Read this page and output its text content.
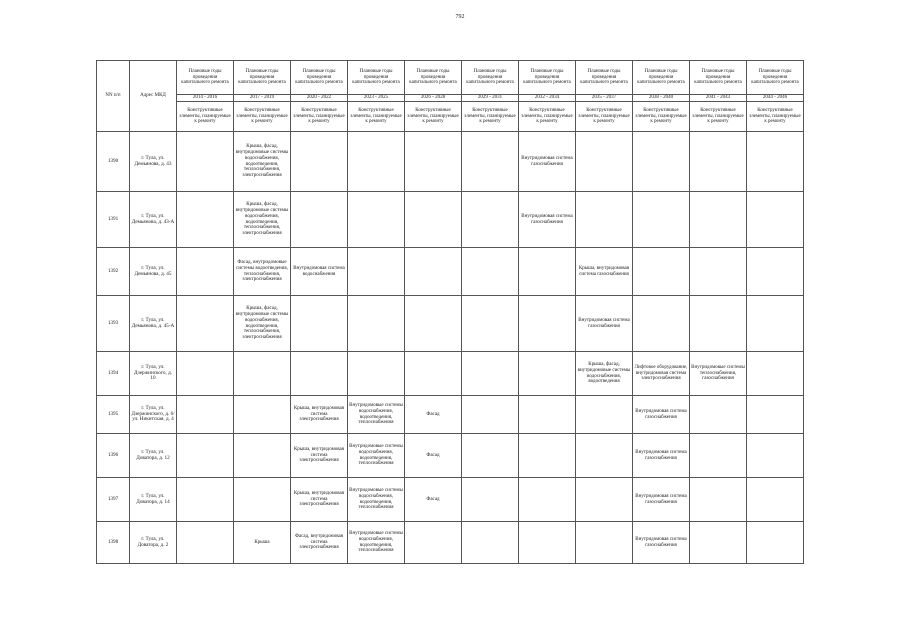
792
NN п/п	Адрес МКД	Плановые годы проведения капитального ремонта	Плановые годы проведения капитального ремонта	Плановые годы проведения капитального ремонта	Плановые годы проведения капитального ремонта	Плановые годы проведения капитального ремонта	Плановые годы проведения капитального ремонта	Плановые годы проведения капитального ремонта	Плановые годы проведения капитального ремонта	Плановые годы проведения капитального ремонта	Плановые годы проведения капитального ремонта	Плановые годы проведения капитального ремонта
		2014 - 2016	2017 - 2019	2020 - 2022	2023 - 2025	2026 - 2028	2029 - 2031	2032 - 2034	2035 - 2037	2038 - 2040	2041 - 2043	2044 - 2046
		Конструктивные элементы, планируемые к ремонту	Конструктивные элементы, планируемые к ремонту	Конструктивные элементы, планируемые к ремонту	Конструктивные элементы, планируемые к ремонту	Конструктивные элементы, планируемые к ремонту	Конструктивные элементы, планируемые к ремонту	Конструктивные элементы, планируемые к ремонту	Конструктивные элементы, планируемые к ремонту	Конструктивные элементы, планируемые к ремонту	Конструктивные элементы, планируемые к ремонту	Конструктивные элементы, планируемые к ремонту
1390	г. Тула, ул. Демьянова, д. 43		Крыша, фасад, внутридомовые системы водоснабжения, водоотведения, теплоснабжения, электроснабжения					Внутридомовая система газоснабжения				
1391	г. Тула, ул. Демьянова, д. 43-А		Крыша, фасад, внутридомовые системы водоснабжения, водоотведения, теплоснабжения, электроснабжения					Внутридомовая система газоснабжения				
1392	г. Тула, ул. Демьянова, д. 45		Фасад, внутридомовые системы водоотведения, теплоснабжения, электроснабжения	Внутридомовая система водоснабжения					Крыша, внутридомовая система газоснабжения			
1393	г. Тула, ул. Демьянова, д. 45-А		Крыша, фасад, внутридомовые системы водоснабжения, водоотведения, теплоснабжения, электроснабжения						Внутридомовая система газоснабжения			
1394	г. Тула, ул. Дзержинского, д. 10								Крыша, фасад, внутридомовые системы водоснабжения, водоотведения	Лифтовое оборудование, внутридомовая система электроснабжения	Внутридомовые системы теплоснабжения, газоснабжения	
1395	г. Тула, ул. Дзержинского, д. 6/ул. Никитская, д. 4			Крыша, внутридомовая система электроснабжения	Внутридомовые системы водоснабжения, водоотведения, теплоснабжения	Фасад				Внутридомовая система газоснабжения		
1396	г. Тула, ул. Доватора, д. 12			Крыша, внутридомовая система электроснабжения	Внутридомовые системы водоснабжения, водоотведения, теплоснабжения	Фасад				Внутридомовая система газоснабжения		
1397	г. Тула, ул. Доватора, д. 14			Крыша, внутридомовая система электроснабжения	Внутридомовые системы водоснабжения, водоотведения, теплоснабжения	Фасад				Внутридомовая система газоснабжения		
1398	г. Тула, ул. Доватора, д. 2		Крыша	Фасад, внутридомовая система электроснабжения	Внутридомовые системы водоснабжения, водоотведения, теплоснабжения					Внутридомовая система газоснабжения		
